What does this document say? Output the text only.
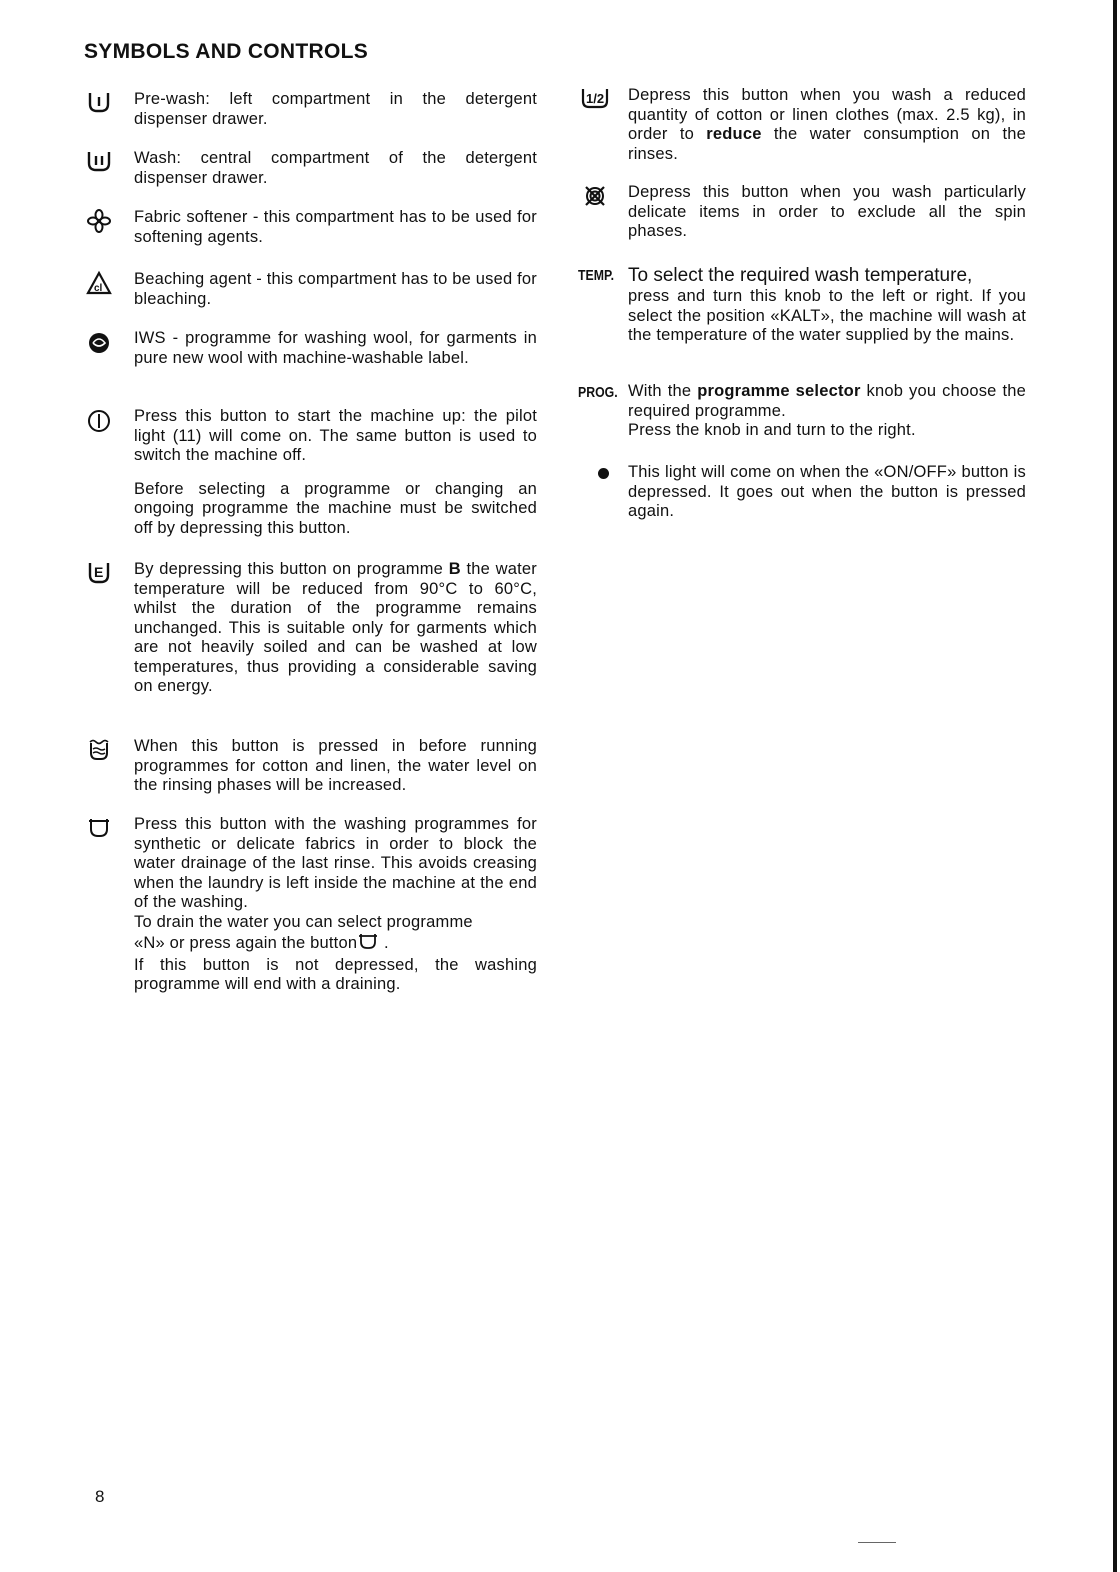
SYMBOLS AND CONTROLS

Pre-wash: left compartment in the detergent dispenser drawer.

Wash: central compartment of the detergent dispenser drawer.

Fabric softener - this compartment has to be used for softening agents.

cl

Beaching agent - this compartment has to be used for bleaching.

IWS - programme for washing wool, for garments in pure new wool with machine-washable label.

Press this button to start the machine up: the pilot light (11) will come on. The same button is used to switch the machine off.

Before selecting a programme or changing an ongoing programme the machine must be switched off by depressing this button.

E By depressing this button on programme B the water temperature will be reduced from 90°C to 60°C, whilst the duration of the programme remains unchanged. This is suitable only for garments which are not heavily soiled and can be washed at low temperatures, thus providing a considerable saving on energy.

When this button is pressed in before running programmes for cotton and linen, the water level on the rinsing phases will be increased.

Press this button with the washing programmes for synthetic or delicate fabrics in order to block the water drainage of the last rinse. This avoids creasing when the laundry is left inside the machine at the end of the washing.

To drain the water you can select programme

«N» or press again the button .

If this button is not depressed, the washing programme will end with a draining.

1/2 Depress this button when you wash a reduced quantity of cotton or linen clothes (max. 2.5 kg), in order to reduce the water consumption on the rinses.

Depress this button when you wash particularly delicate items in order to exclude all the spin phases.

TEMP. To select the required wash temperature,

press and turn this knob to the left or right. If you select the position «KALT», the machine will wash at the temperature of the water supplied by the mains.

PROG. With the programme selector knob you choose the required programme.

Press the knob in and turn to the right.

This light will come on when the «ON/OFF» button is depressed. It goes out when the button is pressed again.

8
